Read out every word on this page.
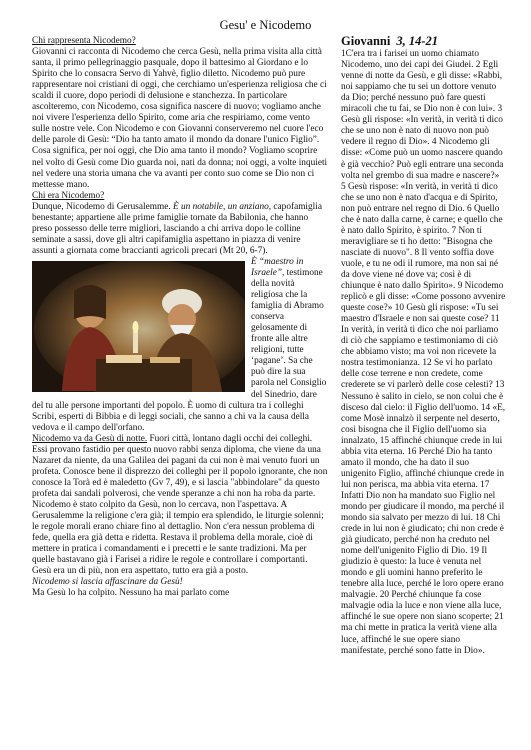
Gesu' e Nicodemo

Chi rappresenta Nicodemo?

Giovanni ci racconta di Nicodemo che cerca Gesù, nella prima visita alla città santa, il primo pellegrinaggio pasquale, dopo il battesimo al Giordano e lo Spirito che lo consacra Servo di Yahvè, figlio diletto. Nicodemo può pure rappresentare noi cristiani di oggi, che cerchiamo un'esperienza religiosa che ci scaldi il cuore, dopo periodi di delusione e stanchezza. In particolare ascolteremo, con Nicodemo, cosa significa nascere di nuovo; vogliamo anche noi vivere l'esperienza dello Spirito, come aria che respiriamo, come vento sulle nostre vele. Con Nicodemo e con Giovanni conserveremo nel cuore l'eco delle parole di Gesù: “Dio ha tanto amato il mondo da donare l'unico Figlio”. Cosa significa, per noi oggi, che Dio ama tanto il mondo? Vogliamo scoprire nel volto di Gesù come Dio guarda noi, nati da donna; noi oggi, a volte inquieti nel vedere una storia umana che va avanti per conto suo come se Dio non ci mettesse mano.

Chi era Nicodemo?

Dunque, Nicodemo di Gerusalemme. È un notabile, un anziano, capofamiglia benestante; appartiene alle prime famiglie tornate da Babilonia, che hanno preso possesso delle terre migliori, lasciando a chi arriva dopo le colline seminate a sassi, dove gli altri capifamiglia aspettano in piazza di venire assunti a giornata come braccianti agricoli precari (Mt 20, 6-7).

È “maestro in Israele”, testimone della novità religiosa che la famiglia di Abramo conserva gelosamente di fronte alle altre religioni, tutte ‘pagane’. Sa che può dire la sua parola nel Consiglio del Sinedrio, dare del tu alle persone importanti del popolo. È uomo di cultura tra i colleghi Scribi, esperti di Bibbia e di leggi sociali, che sanno a chi va la causa della vedova e il campo dell'orfano.

Nicodemo va da Gesù di notte. Fuori città, lontano dagli occhi dei colleghi. Essi provano fastidio per questo nuovo rabbi senza diploma, che viene da una Nazaret da niente, da una Galilea dei pagani da cui non è mai venuto fuori un profeta. Conosce bene il disprezzo dei colleghi per il popolo ignorante, che non conosce la Torà ed è maledetto (Gv 7, 49), e si lascia "abbindolare" da questo profeta dai sandali polverosi, che vende speranze a chi non ha roba da parte.

Nicodemo è stato colpito da Gesù, non lo cercava, non l'aspettava. A Gerusalemme la religione c'era già; il tempio era splendido, le liturgie solenni; le regole morali erano chiare fino al dettaglio. Non c'era nessun problema di fede, quella era già detta e ridetta. Restava il problema della morale, cioè di mettere in pratica i comandamenti e i precetti e le sante tradizioni. Ma per quelle bastavano già i Farisei a ridire le regole e controllare i comportanti. Gesù era un di più, non era aspettato, tutto era già a posto.

Nicodemo si lascia affascinare da Gesù!

Ma Gesù lo ha colpito. Nessuno ha mai parlato come

Giovanni 3, 14-21

1C'era tra i farisei un uomo chiamato Nicodemo, uno dei capi dei Giudei. 2 Egli venne di notte da Gesù, e gli disse: «Rabbì, noi sappiamo che tu sei un dottore venuto da Dio; perché nessuno può fare questi miracoli che tu fai, se Dio non è con lui». 3 Gesù gli rispose: «In verità, in verità ti dico che se uno non è nato di nuovo non può vedere il regno di Dio». 4 Nicodemo gli disse: «Come può un uomo nascere quando è già vecchio? Può egli entrare una seconda volta nel grembo di sua madre e nascere?» 5 Gesù rispose: «In verità, in verità ti dico che se uno non è nato d'acqua e di Spirito, non può entrare nel regno di Dio. 6 Quello che è nato dalla carne, è carne; e quello che è nato dallo Spirito, è spirito. 7 Non ti meravigliare se ti ho detto: "Bisogna che nasciate di nuovo". 8 Il vento soffia dove vuole, e tu ne odi il rumore, ma non sai né da dove viene né dove va; così è di chiunque è nato dallo Spirito». 9 Nicodemo replicò e gli disse: «Come possono avvenire queste cose?» 10 Gesù gli rispose: «Tu sei maestro d'Israele e non sai queste cose? 11 In verità, in verità ti dico che noi parliamo di ciò che sappiamo e testimoniamo di ciò che abbiamo visto; ma voi non ricevete la nostra testimonianza. 12 Se vi ho parlato delle cose terrene e non credete, come crederete se vi parlerò delle cose celesti? 13 Nessuno è salito in cielo, se non colui che è disceso dal cielo: il Figlio dell'uomo. 14 «E, come Mosè innalzò il serpente nel deserto, così bisogna che il Figlio dell'uomo sia innalzato, 15 affinché chiunque crede in lui abbia vita eterna. 16 Perché Dio ha tanto amato il mondo, che ha dato il suo unigenito Figlio, affinché chiunque crede in lui non perisca, ma abbia vita eterna. 17 Infatti Dio non ha mandato suo Figlio nel mondo per giudicare il mondo, ma perché il mondo sia salvato per mezzo di lui. 18 Chi crede in lui non è giudicato; chi non crede è già giudicato, perché non ha creduto nel nome dell'unigenito Figlio di Dio. 19 Il giudizio è questo: la luce è venuta nel mondo e gli uomini hanno preferito le tenebre alla luce, perché le loro opere erano malvagie. 20 Perché chiunque fa cose malvagie odia la luce e non viene alla luce, affinché le sue opere non siano scoperte; 21 ma chi mette in pratica la verità viene alla luce, affinché le sue opere siano manifestate, perché sono fatte in Dio».
